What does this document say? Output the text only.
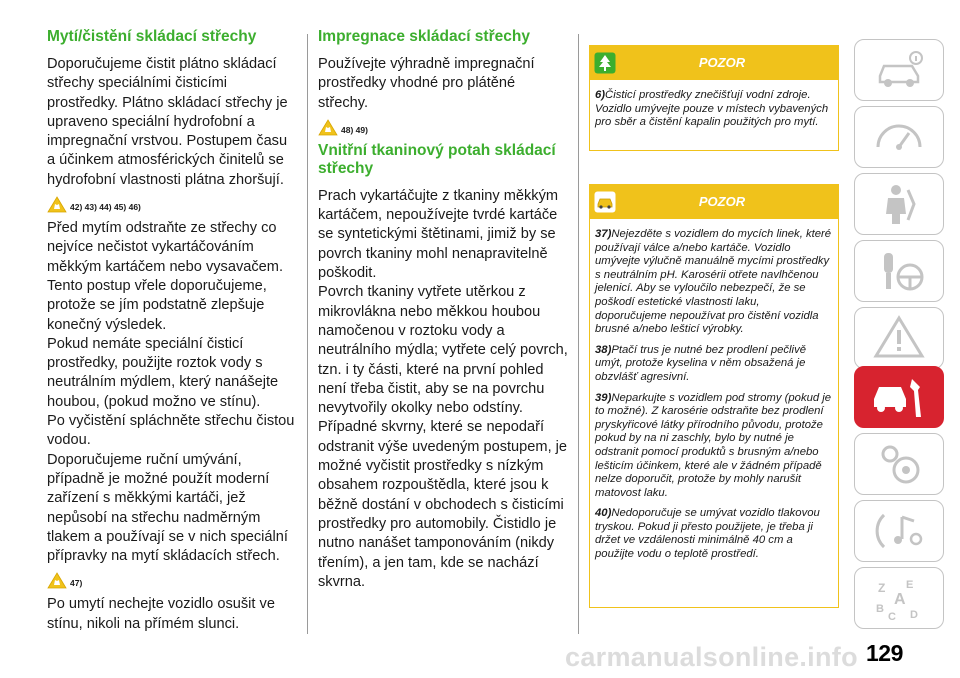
Mytí/čistění skládací střechy

Doporučujeme čistit plátno skládací střechy speciálními čisticími prostředky. Plátno skládací střechy je upraveno speciální hydrofobní a impregnační vrstvou. Postupem času a účinkem atmosférických činitelů se hydrofobní vlastnosti plátna zhoršují.

42) 43) 44) 45) 46)

Před mytím odstraňte ze střechy co nejvíce nečistot vykartáčováním měkkým kartáčem nebo vysavačem. Tento postup vřele doporučujeme, protože se jím podstatně zlepšuje konečný výsledek.

Pokud nemáte speciální čisticí prostředky, použijte roztok vody s neutrálním mýdlem, který nanášejte houbou, (pokud možno ve stínu).

Po vyčistění spláchněte střechu čistou vodou.

Doporučujeme ruční umývání, případně je možné použít moderní zařízení s měkkými kartáči, jež nepůsobí na střechu nadměrným tlakem a používají se v nich speciální přípravky na mytí skládacích střech.

47)

Po umytí nechejte vozidlo osušit ve stínu, nikoli na přímém slunci.

Impregnace skládací střechy

Používejte výhradně impregnační prostředky vhodné pro plátěné střechy.

48) 49)
Vnitřní tkaninový potah skládací střechy

Prach vykartáčujte z tkaniny měkkým kartáčem, nepoužívejte tvrdé kartáče se syntetickými štětinami, jimiž by se povrch tkaniny mohl nenapravitelně poškodit.

Povrch tkaniny vytřete utěrkou z mikrovlákna nebo měkkou houbou namočenou v roztoku vody a neutrálního mýdla; vytřete celý povrch, tzn. i ty části, které na první pohled není třeba čistit, aby se na povrchu nevytvořily okolky nebo odstíny.

Případné skvrny, které se nepodaří odstranit výše uvedeným postupem, je možné vyčistit prostředky s nízkým obsahem rozpouštědla, které jsou k běžně dostání v obchodech s čisticími prostředky pro automobily. Čistidlo je nutno nanášet tamponováním (nikdy třením), a jen tam, kde se nachází skvrna.

POZOR

6)Čisticí prostředky znečišťují vodní zdroje. Vozidlo umývejte pouze v místech vybavených pro sběr a čistění kapalin použitých pro mytí.

POZOR

37)Nejezděte s vozidlem do mycích linek, které používají válce a/nebo kartáče. Vozidlo umývejte výlučně manuálně mycími prostředky s neutrálním pH. Karosérii otřete navlhčenou jelenicí. Aby se vyloučilo nebezpečí, že se poškodí estetické vlastnosti laku, doporučujeme nepoužívat pro čistění vozidla brusné a/nebo lešticí výrobky.

38)Ptačí trus je nutné bez prodlení pečlivě umýt, protože kyselina v něm obsažená je obzvlášť agresivní.

39)Neparkujte s vozidlem pod stromy (pokud je to možné). Z karosérie odstraňte bez prodlení pryskyřicové látky přírodního původu, protože pokud by na ni zaschly, bylo by nutné je odstranit pomocí produktů s brusným a/nebo lešticím účinkem, které ale v žádném případě nelze doporučit, protože by mohly narušit matovost laku.

40)Nedoporučuje se umývat vozidlo tlakovou tryskou. Pokud ji přesto použijete, je třeba ji držet ve vzdálenosti minimálně 40 cm a použijte vodu o teplotě prostředí.

Z E
B
C D
A
carmanualsonline.info 129
